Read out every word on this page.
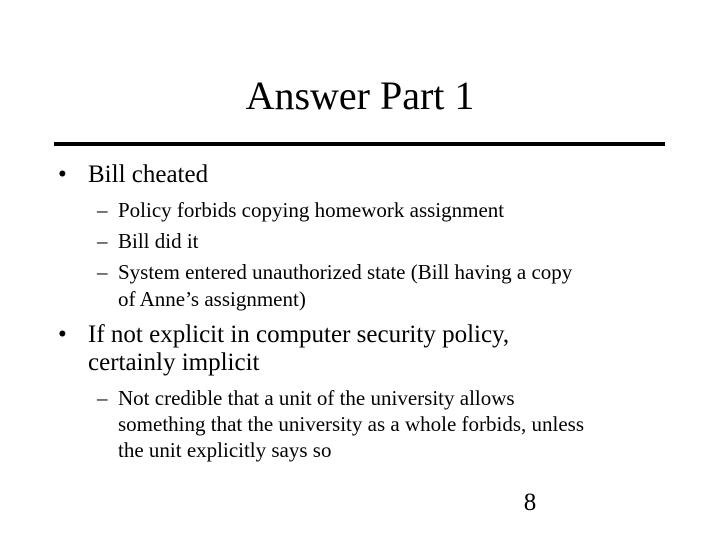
Answer Part 1
• Bill cheated
– Policy forbids copying homework assignment
– Bill did it
– System entered unauthorized state (Bill having a copy
of Anne’s assignment)
• If not explicit in computer security policy,
certainly implicit
– Not credible that a unit of the university allows
something that the university as a whole forbids, unless
the unit explicitly says so
8
